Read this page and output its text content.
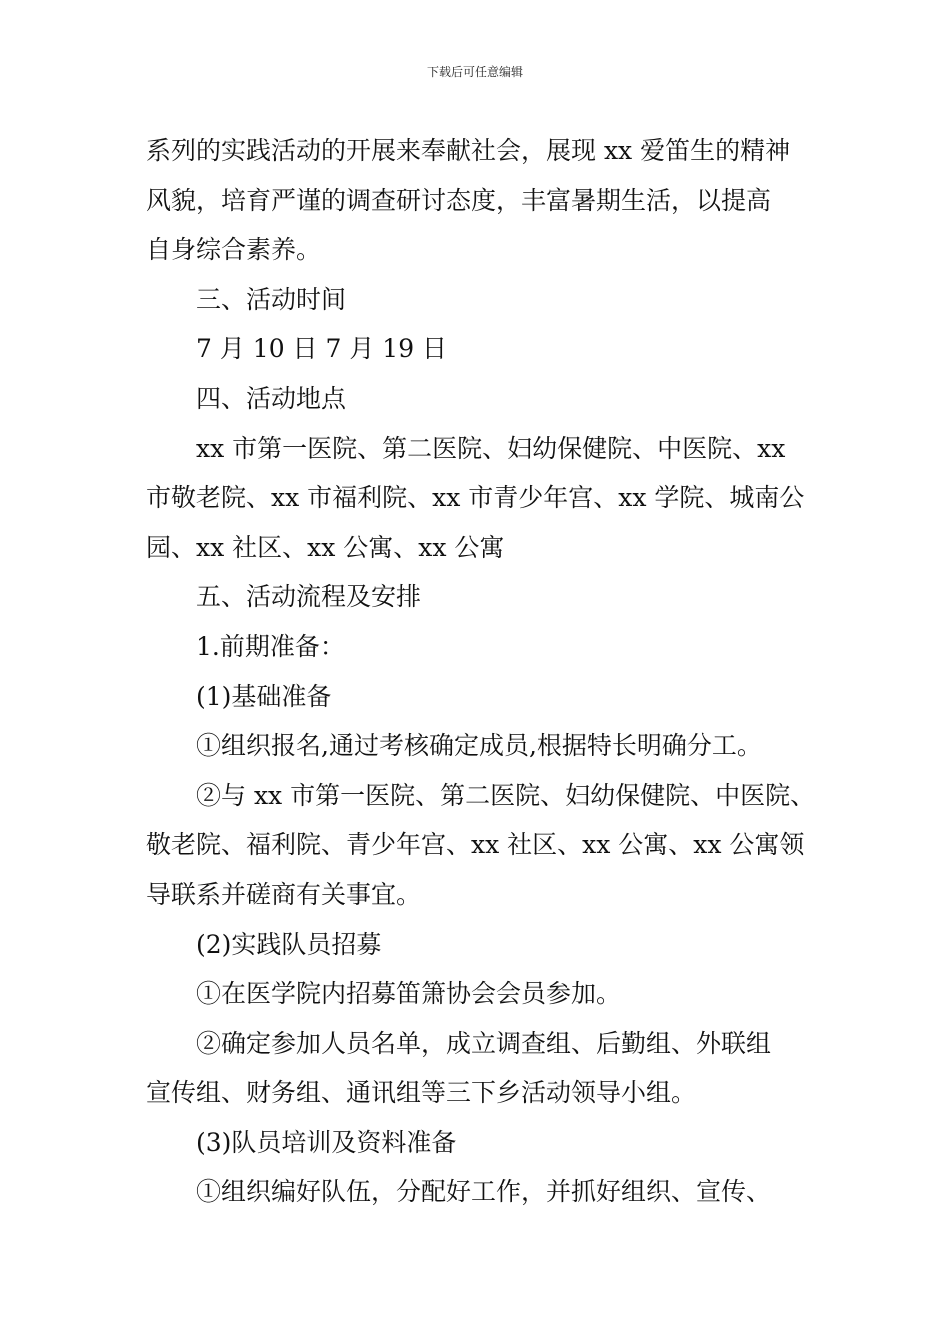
下载后可任意编辑

系列的实践活动的开展来奉献社会，展现 xx 爱笛生的精神

风貌，培育严谨的调查研讨态度，丰富暑期生活，以提高

自身综合素养。

三、活动时间

7 月 10 日 7 月 19 日

四、活动地点

xx 市第一医院、第二医院、妇幼保健院、中医院、xx

市敬老院、xx 市福利院、xx 市青少年宫、xx 学院、城南公

园、xx 社区、xx 公寓、xx 公寓

五、活动流程及安排

1.前期准备：

(1)基础准备

①组织报名,通过考核确定成员,根据特长明确分工。

②与 xx 市第一医院、第二医院、妇幼保健院、中医院、

敬老院、福利院、青少年宫、xx 社区、xx 公寓、xx 公寓领

导联系并磋商有关事宜。

(2)实践队员招募

①在医学院内招募笛箫协会会员参加。

②确定参加人员名单，成立调查组、后勤组、外联组

宣传组、财务组、通讯组等三下乡活动领导小组。

(3)队员培训及资料准备

①组织编好队伍，分配好工作，并抓好组织、宣传、
